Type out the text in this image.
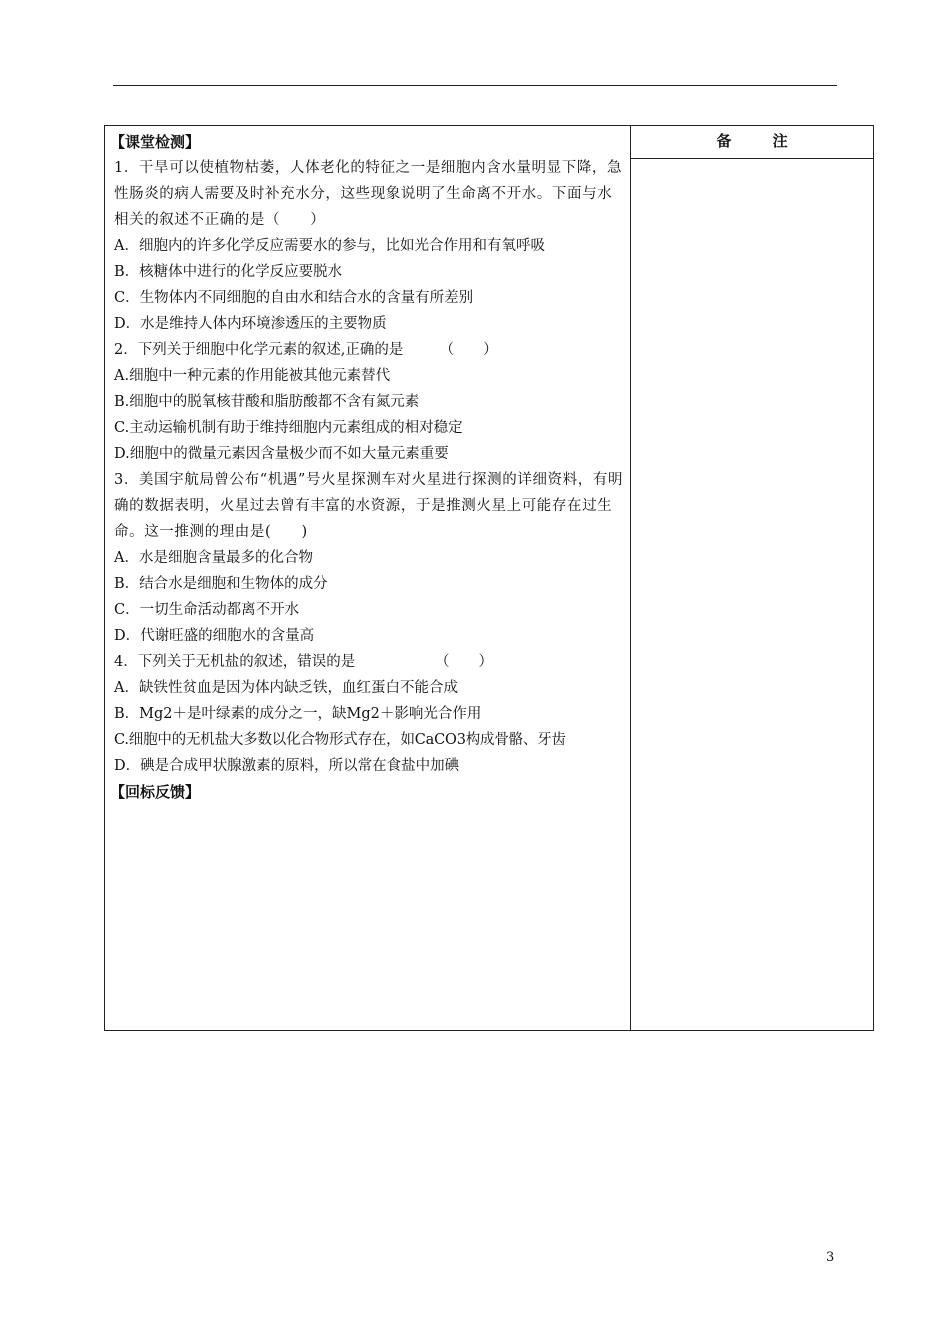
【课堂检测】
1．干旱可以使植物枯萎，人体老化的特征之一是细胞内含水量明显下降，急性肠炎的病人需要及时补充水分，这些现象说明了生命离不开水。下面与水相关的叙述不正确的是（　　）
A．细胞内的许多化学反应需要水的参与，比如光合作用和有氧呼吸
B．核糖体中进行的化学反应要脱水
C．生物体内不同细胞的自由水和结合水的含量有所差别
D．水是维持人体内环境渗透压的主要物质
2．下列关于细胞中化学元素的叙述,正确的是　　　（　　）
A.细胞中一种元素的作用能被其他元素替代
B.细胞中的脱氧核苷酸和脂肪酸都不含有氮元素
C.主动运输机制有助于维持细胞内元素组成的相对稳定
D.细胞中的微量元素因含量极少而不如大量元素重要
3．美国宇航局曾公布“机遇”号火星探测车对火星进行探测的详细资料，有明确的数据表明，火星过去曾有丰富的水资源，于是推测火星上可能存在过生命。这一推测的理由是(　　)
A．水是细胞含量最多的化合物
B．结合水是细胞和生物体的成分
C．一切生命活动都离不开水
D．代谢旺盛的细胞水的含量高
4．下列关于无机盐的叙述，错误的是　　　　　　（　　）
A．缺铁性贫血是因为体内缺乏铁，血红蛋白不能合成
B．Mg2＋是叶绿素的成分之一，缺Mg2＋影响光合作用
C.细胞中的无机盐大多数以化合物形式存在，如CaCO3构成骨骼、牙齿
D．碘是合成甲状腺激素的原料，所以常在食盐中加碘
【回标反馈】
备 注
3
